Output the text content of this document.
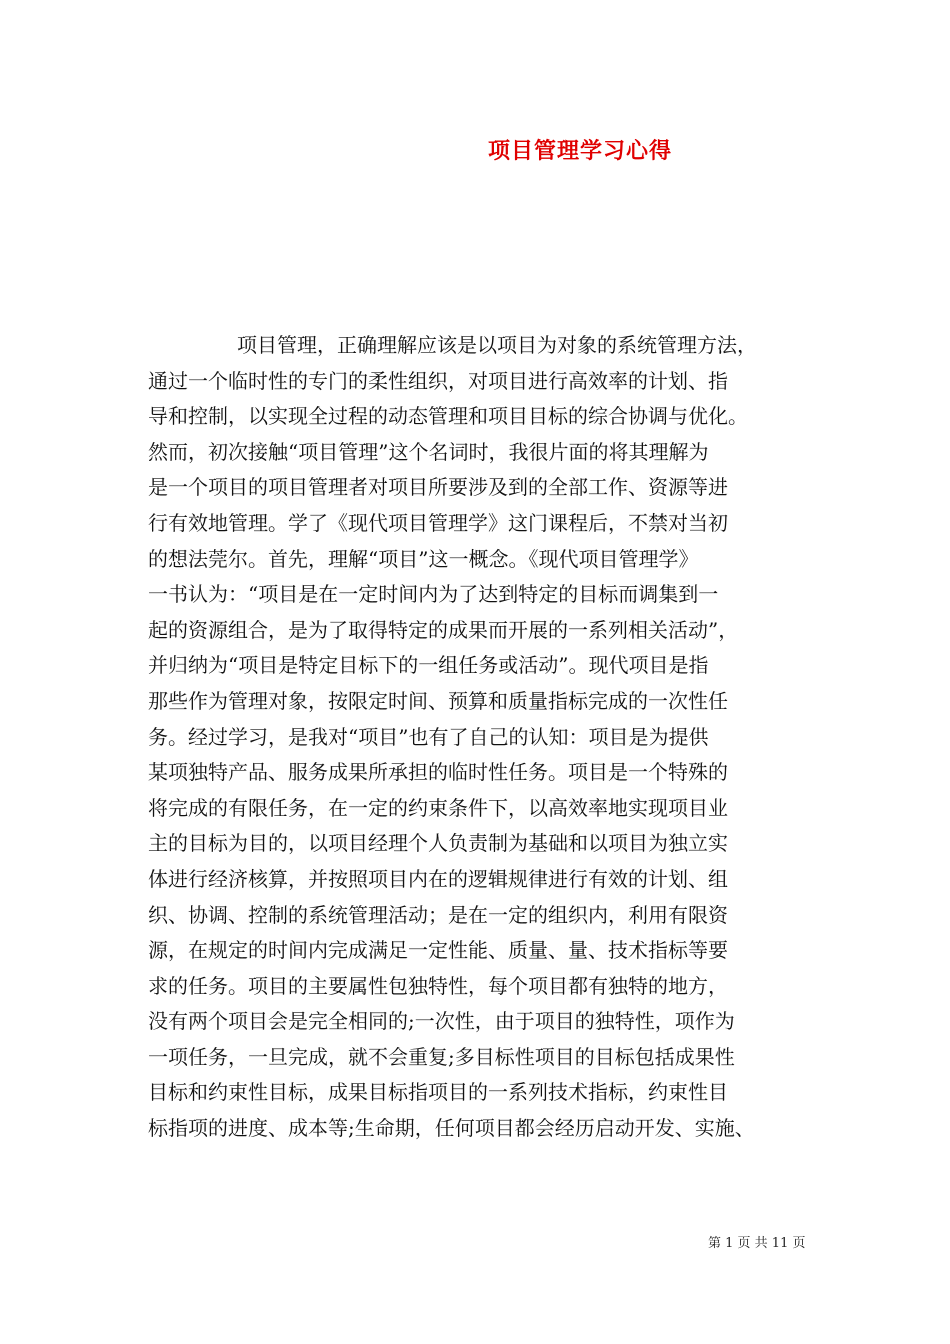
项目管理学习心得
项目管理，正确理解应该是以项目为对象的系统管理方法，
通过一个临时性的专门的柔性组织，对项目进行高效率的计划、指
导和控制，以实现全过程的动态管理和项目目标的综合协调与优化。
然而，初次接触“项目管理”这个名词时，我很片面的将其理解为
是一个项目的项目管理者对项目所要涉及到的全部工作、资源等进
行有效地管理。学了《现代项目管理学》这门课程后，不禁对当初
的想法莞尔。首先，理解“项目”这一概念。《现代项目管理学》
一书认为：“项目是在一定时间内为了达到特定的目标而调集到一
起的资源组合，是为了取得特定的成果而开展的一系列相关活动”，
并归纳为“项目是特定目标下的一组任务或活动”。现代项目是指
那些作为管理对象，按限定时间、预算和质量指标完成的一次性任
务。经过学习，是我对“项目”也有了自己的认知：项目是为提供
某项独特产品、服务成果所承担的临时性任务。项目是一个特殊的
将完成的有限任务，在一定的约束条件下，以高效率地实现项目业
主的目标为目的，以项目经理个人负责制为基础和以项目为独立实
体进行经济核算，并按照项目内在的逻辑规律进行有效的计划、组
织、协调、控制的系统管理活动；是在一定的组织内，利用有限资
源，在规定的时间内完成满足一定性能、质量、量、技术指标等要
求的任务。项目的主要属性包独特性，每个项目都有独特的地方，
没有两个项目会是完全相同的;一次性，由于项目的独特性，项作为
一项任务，一旦完成，就不会重复;多目标性项目的目标包括成果性
目标和约束性目标，成果目标指项目的一系列技术指标，约束性目
标指项的进度、成本等;生命期，任何项目都会经历启动开发、实施、
第 1 页 共 11 页
